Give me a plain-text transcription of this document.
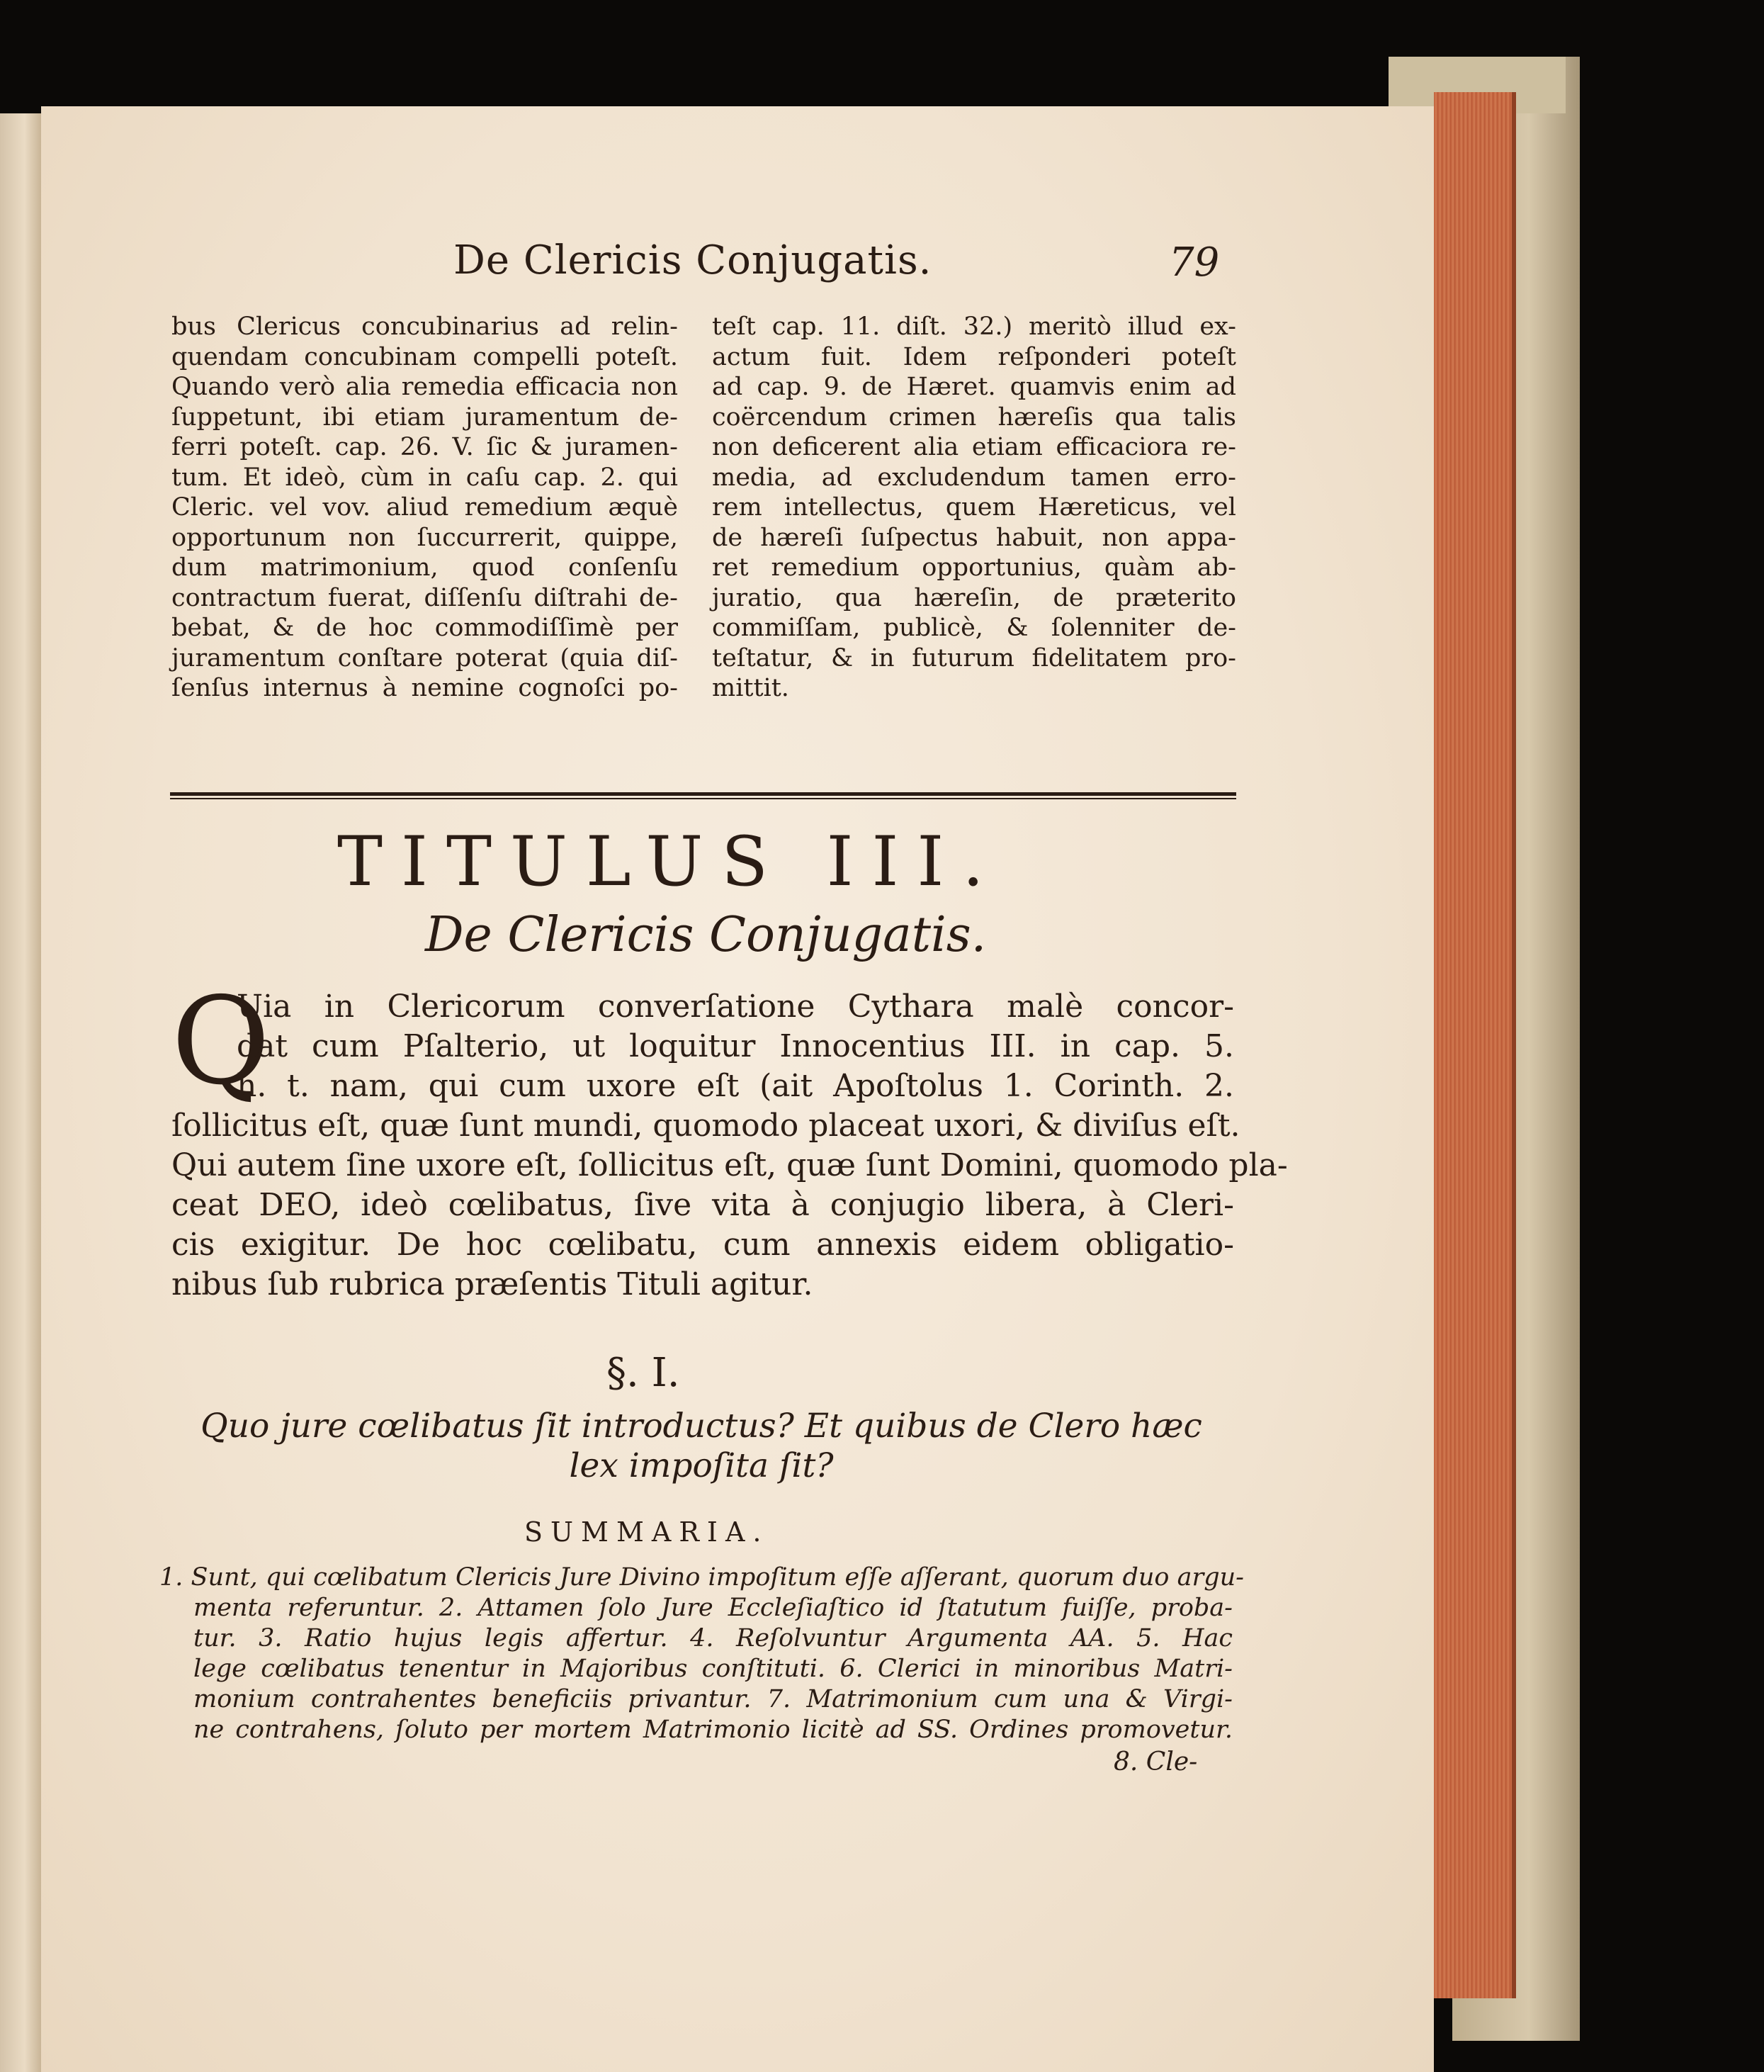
De Clericis Conjugatis.	79
bus Clericus concubinarius ad relin-
quendam concubinam compelli poteſt.
Quando verò alia remedia efficacia non
ſuppetunt, ibi etiam juramentum de-
ferri poteſt. cap. 26. V. ſic & juramen-
tum. Et ideò, cùm in caſu cap. 2. qui
Cleric. vel vov. aliud remedium æquè
opportunum non ſuccurrerit, quippe,
dum matrimonium, quod conſenſu
contractum fuerat, diſſenſu diſtrahi de-
bebat, & de hoc commodiſſimè per
juramentum conſtare poterat (quia diſ-
ſenſus internus à nemine cognoſci po-
teſt cap. 11. diſt. 32.) meritò illud ex-
actum fuit. Idem reſponderi poteſt
ad cap. 9. de Hæret. quamvis enim ad
coërcendum crimen hæreſis qua talis
non deficerent alia etiam efficaciora re-
media, ad excludendum tamen erro-
rem intellectus, quem Hæreticus, vel
de hæreſi ſuſpectus habuit, non appa-
ret remedium opportunius, quàm ab-
juratio, qua hæreſin, de præterito
commiſſam, publicè, & ſolenniter de-
teſtatur, & in futurum fidelitatem pro-
mittit.
TITULUS III.
De Clericis Conjugatis.
Q
Uia in Clericorum converſatione Cythara malè concor-
dat cum Pſalterio, ut loquitur Innocentius III. in cap. 5.
h. t. nam, qui cum uxore eſt (ait Apoſtolus 1. Corinth. 2.
ſollicitus eſt, quæ ſunt mundi, quomodo placeat uxori, & diviſus eſt.
Qui autem ſine uxore eſt, ſollicitus eſt, quæ ſunt Domini, quomodo pla-
ceat DEO, ideò cœlibatus, ſive vita à conjugio libera, à Cleri-
cis exigitur. De hoc cœlibatu, cum annexis eidem obligatio-
nibus ſub rubrica præſentis Tituli agitur.
§. I.
Quo jure cœlibatus ſit introductus? Et quibus de Clero hæc
lex impoſita ſit?
SUMMARIA.
1. Sunt, qui cœlibatum Clericis Jure Divino impoſitum eſſe aſſerant, quorum duo argu-
menta referuntur. 2. Attamen ſolo Jure Eccleſiaſtico id ſtatutum fuiſſe, proba-
tur. 3. Ratio hujus legis affertur. 4. Reſolvuntur Argumenta AA. 5. Hac
lege cœlibatus tenentur in Majoribus conſtituti. 6. Clerici in minoribus Matri-
monium contrahentes beneficiis privantur. 7. Matrimonium cum una & Virgi-
ne contrahens, ſoluto per mortem Matrimonio licitè ad SS. Ordines promovetur.
8. Cle-
